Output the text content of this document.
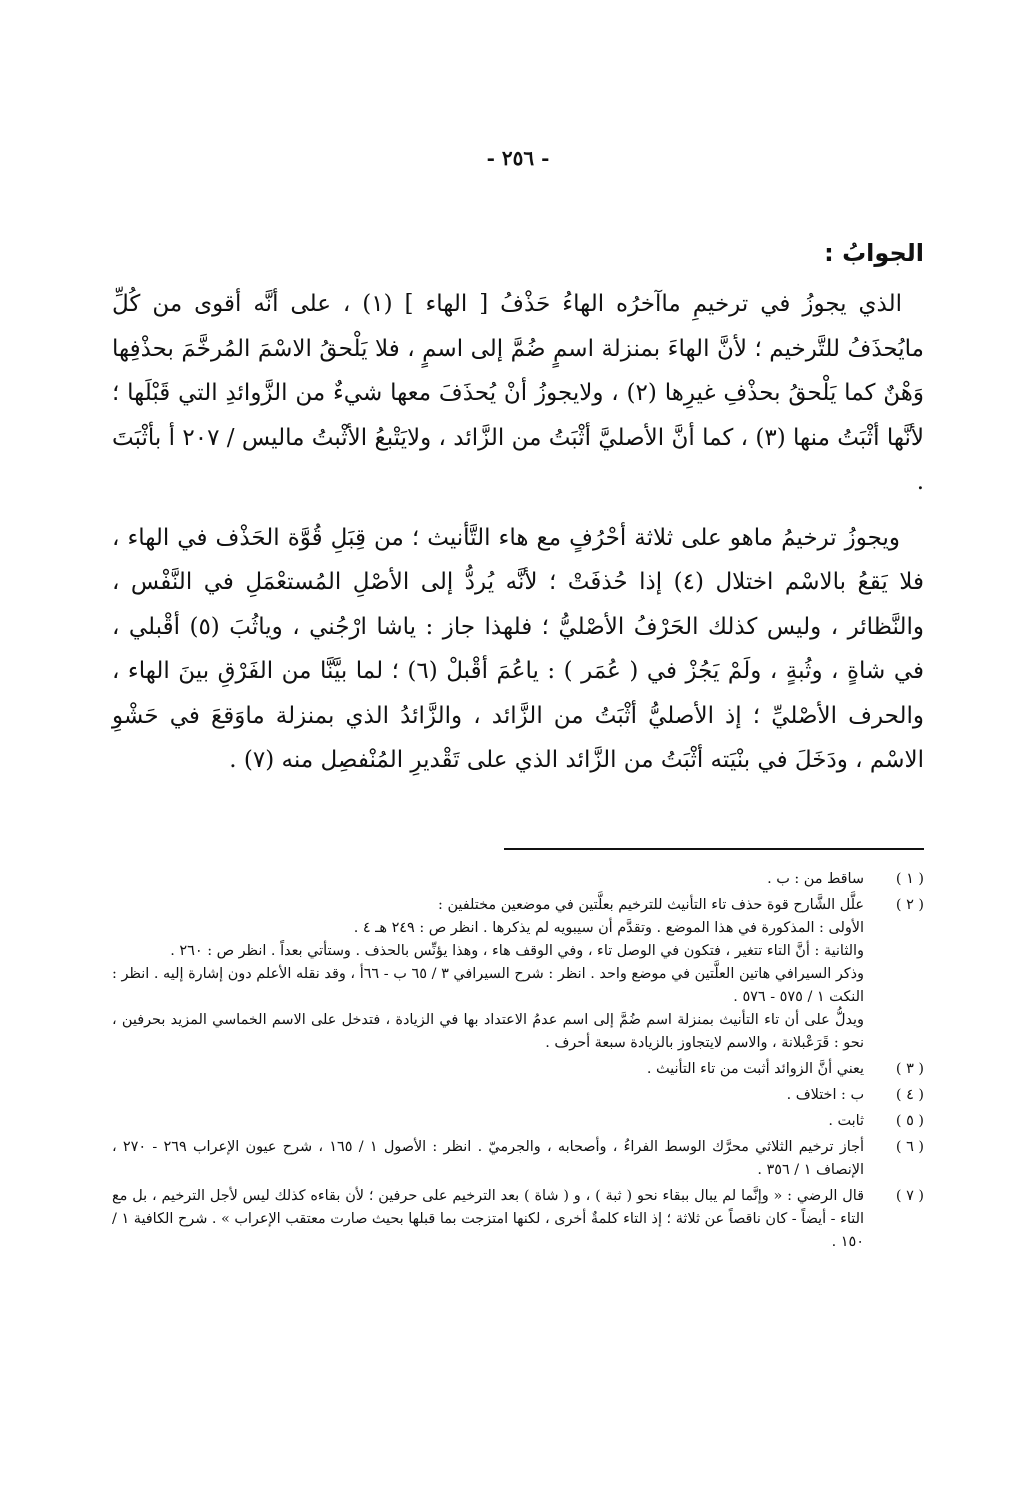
- ٢٥٦ -
الجوابُ :

الذي يجوزُ في ترخيمِ ماآخرُه الهاءُ حَذْفُ [ الهاء ] (١) ، على أنَّه أقوى من كُلِّ مايُحذَفُ للتَّرخيم ؛ لأنَّ الهاءَ بمنزلة اسمٍ ضُمَّ إلى اسمٍ ، فلا يَلْحقُ الاسْمَ المُرخَّمَ بحذْفِها وَهْنٌ كما يَلْحقُ بحذْفِ غيرِها (٢) ، ولايجوزُ أنْ يُحذَفَ معها شيءٌ من الزَّوائدِ التي قَبْلَها ؛ لأنَّها أثْبَتُ منها (٣) ، كما أنَّ الأصليَّ أثْبَتُ من الزَّائد ، ولايَتْبعُ الأثْبتُ ماليس / ٢٠٧ أ بأثْبَتَ .

ويجوزُ ترخيمُ ماهو على ثلاثة أحْرُفٍ مع هاء التَّأنيث ؛ من قِبَلِ قُوَّة الحَذْف في الهاء ، فلا يَقعُ بالاسْم اختلال (٤) إذا حُذفَتْ ؛ لأنَّه يُردُّ إلى الأصْلِ المُستعْمَلِ في النَّفْس ، والنَّظائر ، وليس كذلك الحَرْفُ الأصْليُّ ؛ فلهذا جاز : ياشا ارْجُني ، وياثُبَ (٥) أقْبلي ، في شاةٍ ، وثُبةٍ ، ولَمْ يَجُزْ في ( عُمَر ) : ياعُمَ أقْبلْ (٦) ؛ لما بيَّنَّا من الفَرْقِ بينَ الهاء ، والحرف الأصْليِّ ؛ إذ الأصليُّ أثْبَتُ من الزَّائد ، والزَّائدُ الذي بمنزلة ماوَقعَ في حَشْوِ الاسْم ، ودَخَلَ في بنْيَته أثْبَتُ من الزَّائد الذي على تَقْديرِ المُنْفصِل منه (٧) .

( ١ )

ساقط من : ب .

( ٢ )

علَّل الشَّارح قوة حذف تاء التأنيث للترخيم بعلَّتين في موضعين مختلفين :

الأولى : المذكورة في هذا الموضع . وتقدَّم أن سيبويه لم يذكرها . انظر ص : ٢٤٩ هـ ٤ .

والثانية : أنَّ التاء تتغير ، فتكون في الوصل تاء ، وفي الوقف هاء ، وهذا يؤنِّس بالحذف . وستأتي بعداً . انظر ص : ٢٦٠ .

وذكر السيرافي هاتين العلَّتين في موضع واحد . انظر : شرح السيرافي ٣ / ٦٥ ب - ٦٦أ ، وقد نقله الأعلم دون إشارة إليه . انظر : النكت ١ / ٥٧٥ - ٥٧٦ .

ويدلُّ على أن تاء التأنيث بمنزلة اسم ضُمَّ إلى اسم عدمُ الاعتداد بها في الزيادة ، فتدخل على الاسم الخماسي المزيد بحرفين ، نحو : قَرَعْبلانة ، والاسم لايتجاوز بالزيادة سبعة أحرف .

( ٣ )

يعني أنَّ الزوائد أثبت من تاء التأنيث .

( ٤ )

ب : اختلاف .

( ٥ )

ثابت .

( ٦ )

أجاز ترخيم الثلاثي محرَّك الوسط الفراءُ ، وأصحابه ، والجرميّ . انظر : الأصول ١ / ١٦٥ ، شرح عيون الإعراب ٢٦٩ - ٢٧٠ ، الإنصاف ١ / ٣٥٦ .

( ٧ )

قال الرضي : « وإنَّما لم يبال ببقاء نحو ( ثبة ) ، و ( شاة ) بعد الترخيم على حرفين ؛ لأن بقاءه كذلك ليس لأجل الترخيم ، بل مع التاء - أيضاً - كان ناقصاً عن ثلاثة ؛ إذ التاء كلمةٌ أخرى ، لكنها امتزجت بما قبلها بحيث صارت معتقب الإعراب » . شرح الكافية ١ / ١٥٠ .
